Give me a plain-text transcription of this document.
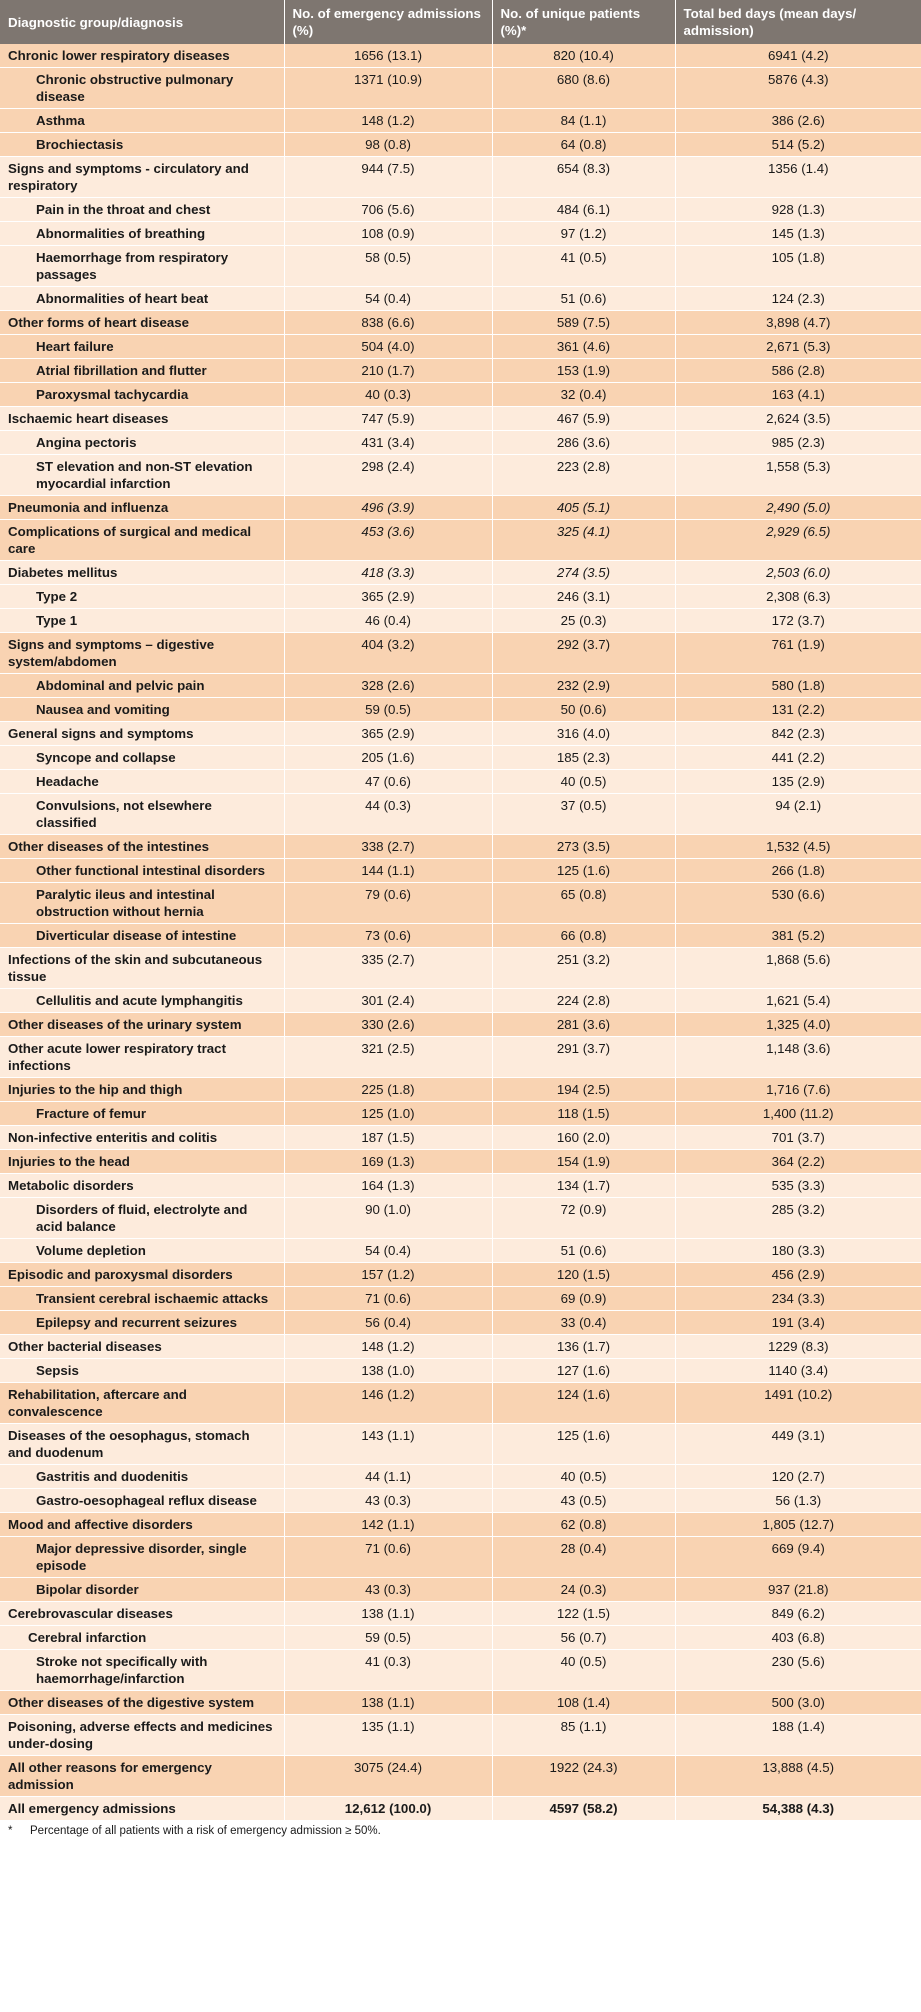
Diagnostic group/diagnosis	No. of emergency admissions (%)	No. of unique patients (%)*	Total bed days (mean days/ admission)
Chronic lower respiratory diseases	1656 (13.1)	820 (10.4)	6941 (4.2)
Chronic obstructive pulmonary disease	1371 (10.9)	680 (8.6)	5876 (4.3)
Asthma	148 (1.2)	84 (1.1)	386 (2.6)
Brochiectasis	98 (0.8)	64 (0.8)	514 (5.2)
Signs and symptoms - circulatory and respiratory	944 (7.5)	654 (8.3)	1356 (1.4)
Pain in the throat and chest	706 (5.6)	484 (6.1)	928 (1.3)
Abnormalities of breathing	108 (0.9)	97 (1.2)	145 (1.3)
Haemorrhage from respiratory passages	58 (0.5)	41 (0.5)	105 (1.8)
Abnormalities of heart beat	54 (0.4)	51 (0.6)	124 (2.3)
Other forms of heart disease	838 (6.6)	589 (7.5)	3,898 (4.7)
Heart failure	504 (4.0)	361 (4.6)	2,671 (5.3)
Atrial fibrillation and flutter	210 (1.7)	153 (1.9)	586 (2.8)
Paroxysmal tachycardia	40 (0.3)	32 (0.4)	163 (4.1)
Ischaemic heart diseases	747 (5.9)	467 (5.9)	2,624 (3.5)
Angina pectoris	431 (3.4)	286 (3.6)	985 (2.3)
ST elevation and non-ST elevation myocardial infarction	298 (2.4)	223 (2.8)	1,558 (5.3)
Pneumonia and influenza	496 (3.9)	405 (5.1)	2,490 (5.0)
Complications of surgical and medical care	453 (3.6)	325 (4.1)	2,929 (6.5)
Diabetes mellitus	418 (3.3)	274 (3.5)	2,503 (6.0)
Type 2	365 (2.9)	246 (3.1)	2,308 (6.3)
Type 1	46 (0.4)	25 (0.3)	172 (3.7)
Signs and symptoms – digestive system/abdomen	404 (3.2)	292 (3.7)	761 (1.9)
Abdominal and pelvic pain	328 (2.6)	232 (2.9)	580 (1.8)
Nausea and vomiting	59 (0.5)	50 (0.6)	131 (2.2)
General signs and symptoms	365 (2.9)	316 (4.0)	842 (2.3)
Syncope and collapse	205 (1.6)	185 (2.3)	441 (2.2)
Headache	47 (0.6)	40 (0.5)	135 (2.9)
Convulsions, not elsewhere classified	44 (0.3)	37 (0.5)	94 (2.1)
Other diseases of the intestines	338 (2.7)	273 (3.5)	1,532 (4.5)
Other functional intestinal disorders	144 (1.1)	125 (1.6)	266 (1.8)
Paralytic ileus and intestinal obstruction without hernia	79 (0.6)	65 (0.8)	530 (6.6)
Diverticular disease of intestine	73 (0.6)	66 (0.8)	381 (5.2)
Infections of the skin and subcutaneous tissue	335 (2.7)	251 (3.2)	1,868 (5.6)
Cellulitis and acute lymphangitis	301 (2.4)	224 (2.8)	1,621 (5.4)
Other diseases of the urinary system	330 (2.6)	281 (3.6)	1,325 (4.0)
Other acute lower respiratory tract infections	321 (2.5)	291 (3.7)	1,148 (3.6)
Injuries to the hip and thigh	225 (1.8)	194 (2.5)	1,716 (7.6)
Fracture of femur	125 (1.0)	118 (1.5)	1,400 (11.2)
Non-infective enteritis and colitis	187 (1.5)	160 (2.0)	701 (3.7)
Injuries to the head	169 (1.3)	154 (1.9)	364 (2.2)
Metabolic disorders	164 (1.3)	134 (1.7)	535 (3.3)
Disorders of fluid, electrolyte and acid balance	90 (1.0)	72 (0.9)	285 (3.2)
Volume depletion	54 (0.4)	51 (0.6)	180 (3.3)
Episodic and paroxysmal disorders	157 (1.2)	120 (1.5)	456 (2.9)
Transient cerebral ischaemic attacks	71 (0.6)	69 (0.9)	234 (3.3)
Epilepsy and recurrent seizures	56 (0.4)	33 (0.4)	191 (3.4)
Other bacterial diseases	148 (1.2)	136 (1.7)	1229 (8.3)
Sepsis	138 (1.0)	127 (1.6)	1140 (3.4)
Rehabilitation, aftercare and convalescence	146 (1.2)	124 (1.6)	1491 (10.2)
Diseases of the oesophagus, stomach and duodenum	143 (1.1)	125 (1.6)	449 (3.1)
Gastritis and duodenitis	44 (1.1)	40 (0.5)	120 (2.7)
Gastro-oesophageal reflux disease	43 (0.3)	43 (0.5)	56 (1.3)
Mood and affective disorders	142 (1.1)	62 (0.8)	1,805 (12.7)
Major depressive disorder, single episode	71 (0.6)	28 (0.4)	669 (9.4)
Bipolar disorder	43 (0.3)	24 (0.3)	937 (21.8)
Cerebrovascular diseases	138 (1.1)	122 (1.5)	849 (6.2)
Cerebral infarction	59 (0.5)	56 (0.7)	403 (6.8)
Stroke not specifically with haemorrhage/infarction	41 (0.3)	40 (0.5)	230 (5.6)
Other diseases of the digestive system	138 (1.1)	108 (1.4)	500 (3.0)
Poisoning, adverse effects and medicines under-dosing	135 (1.1)	85 (1.1)	188 (1.4)
All other reasons for emergency admission	3075 (24.4)	1922 (24.3)	13,888 (4.5)
All emergency admissions	12,612 (100.0)	4597 (58.2)	54,388 (4.3)
* Percentage of all patients with a risk of emergency admission ≥ 50%.
